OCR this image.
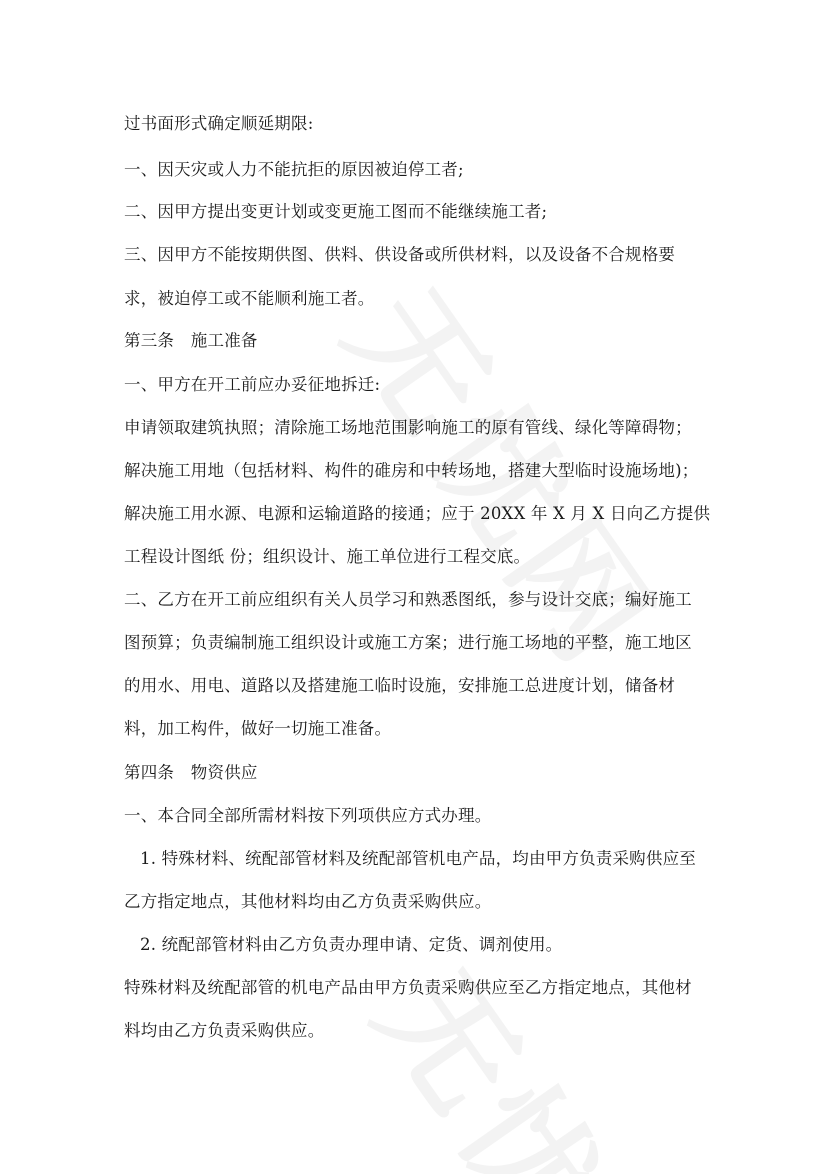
过书面形式确定顺延期限:
一、因天灾或人力不能抗拒的原因被迫停工者;
二、因甲方提出变更计划或变更施工图而不能继续施工者;
三、因甲方不能按期供图、供料、供设备或所供材料，以及设备不合规格要
求，被迫停工或不能顺利施工者。
第三条　施工准备
一、甲方在开工前应办妥征地拆迁:
申请领取建筑执照；清除施工场地范围影响施工的原有管线、绿化等障碍物；
解决施工用地（包括材料、构件的碓房和中转场地，搭建大型临时设施场地)；
解决施工用水源、电源和运输道路的接通；应于 20XX 年 X 月 X 日向乙方提供
工程设计图纸 份；组织设计、施工单位进行工程交底。
二、乙方在开工前应组织有关人员学习和熟悉图纸，参与设计交底；编好施工
图预算；负责编制施工组织设计或施工方案；进行施工场地的平整，施工地区
的用水、用电、道路以及搭建施工临时设施，安排施工总进度计划，储备材
料，加工构件，做好一切施工准备。
第四条　物资供应
一、本合同全部所需材料按下列项供应方式办理。
1. 特殊材料、统配部管材料及统配部管机电产品，均由甲方负责采购供应至
乙方指定地点，其他材料均由乙方负责采购供应。
2. 统配部管材料由乙方负责办理申请、定货、调剂使用。
特殊材料及统配部管的机电产品由甲方负责采购供应至乙方指定地点，其他材
料均由乙方负责采购供应。
